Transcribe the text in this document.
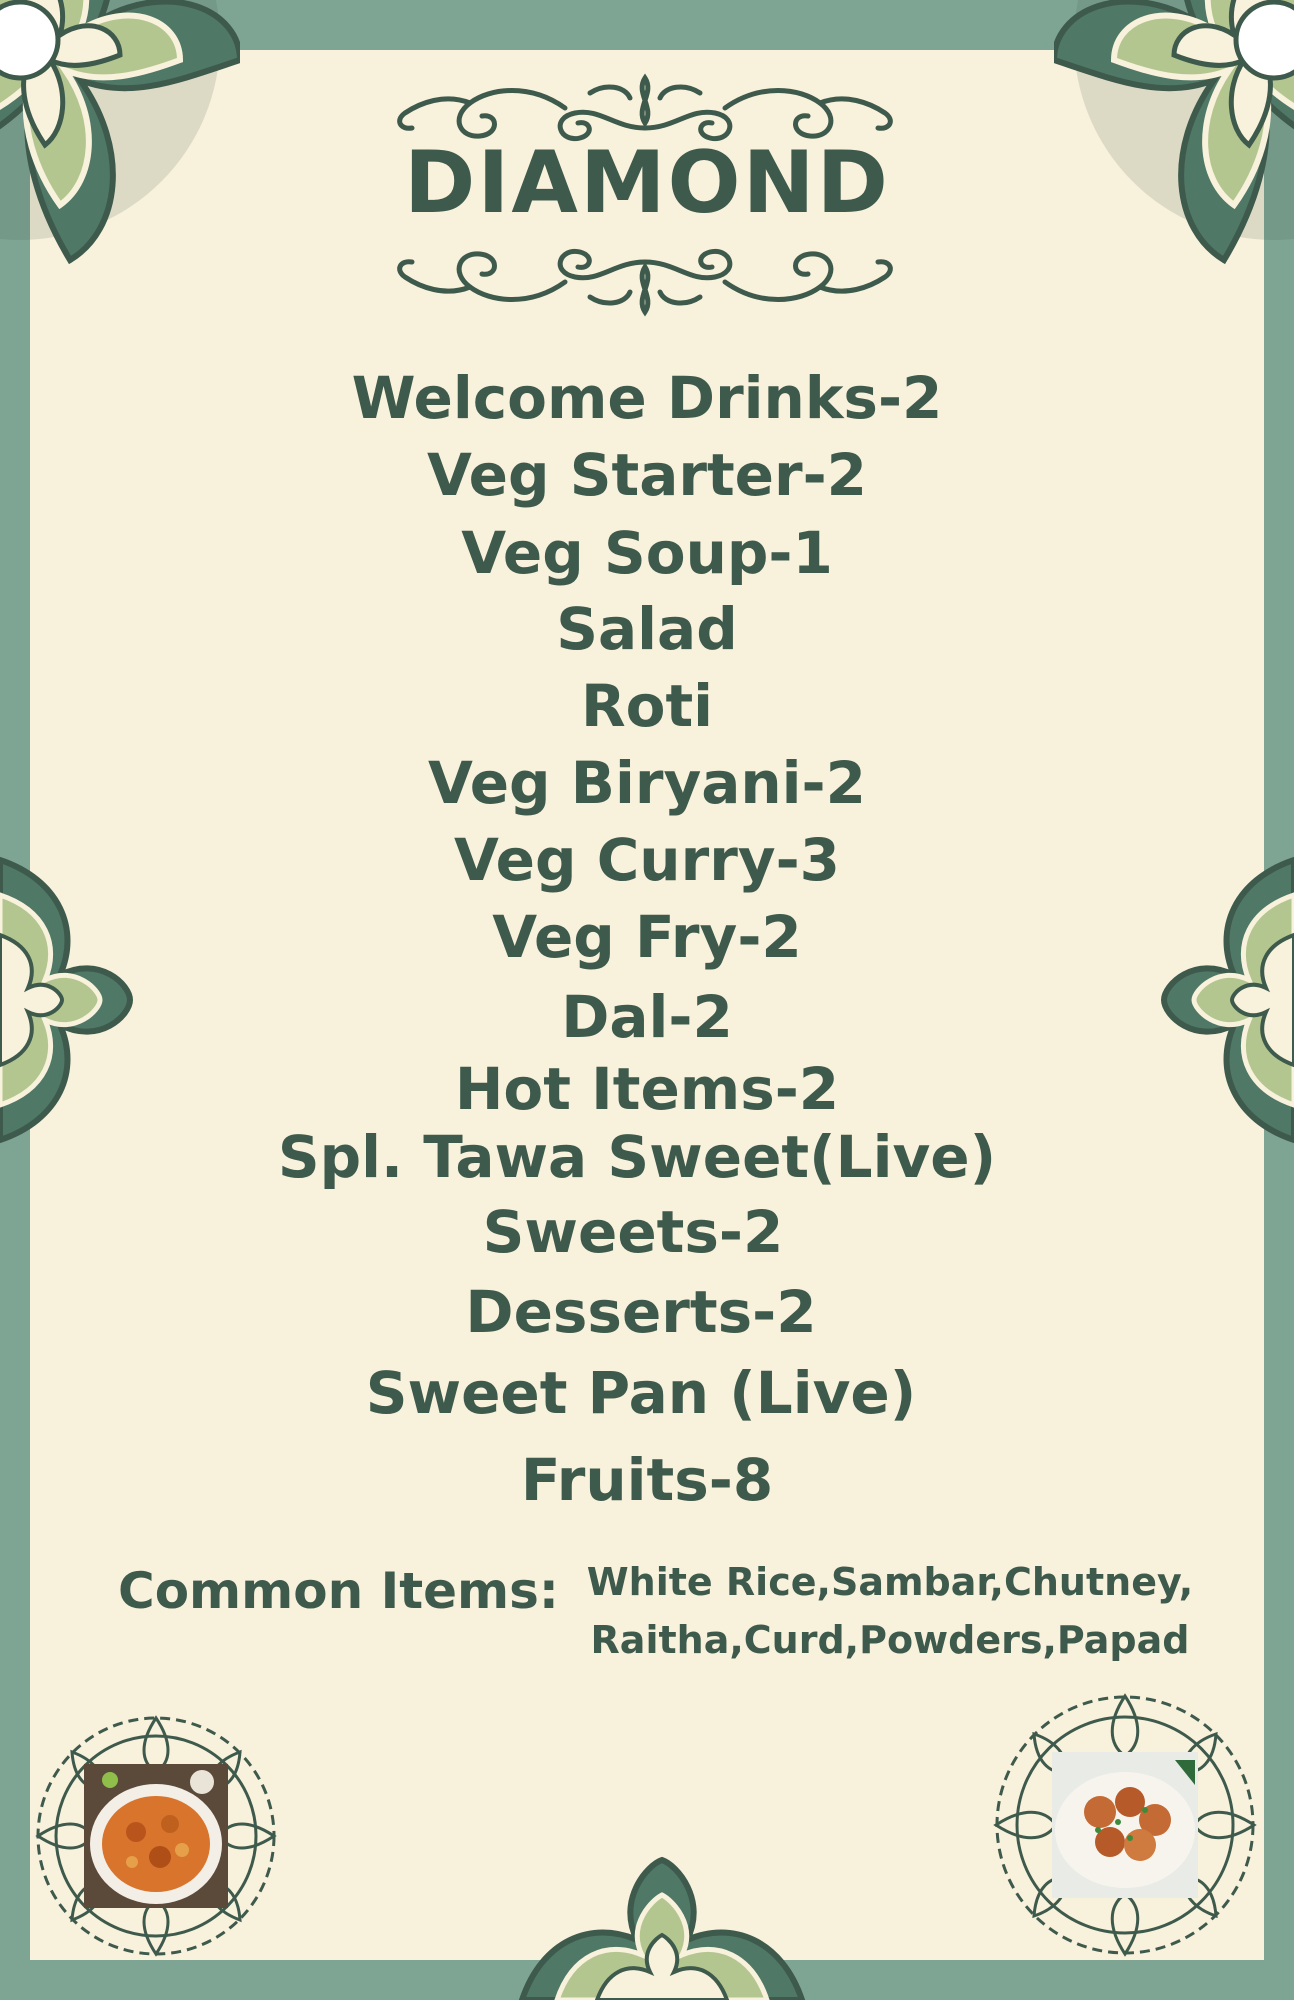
DIAMOND
Welcome Drinks-2
Veg Starter-2
Veg Soup-1
Salad
Roti
Veg Biryani-2
Veg Curry-3
Veg Fry-2
Dal-2
Hot Items-2
Spl. Tawa Sweet(Live)
Sweets-2
Desserts-2
Sweet Pan (Live)
Fruits-8
Common Items: White Rice,Sambar,Chutney,
Raitha,Curd,Powders,Papad
